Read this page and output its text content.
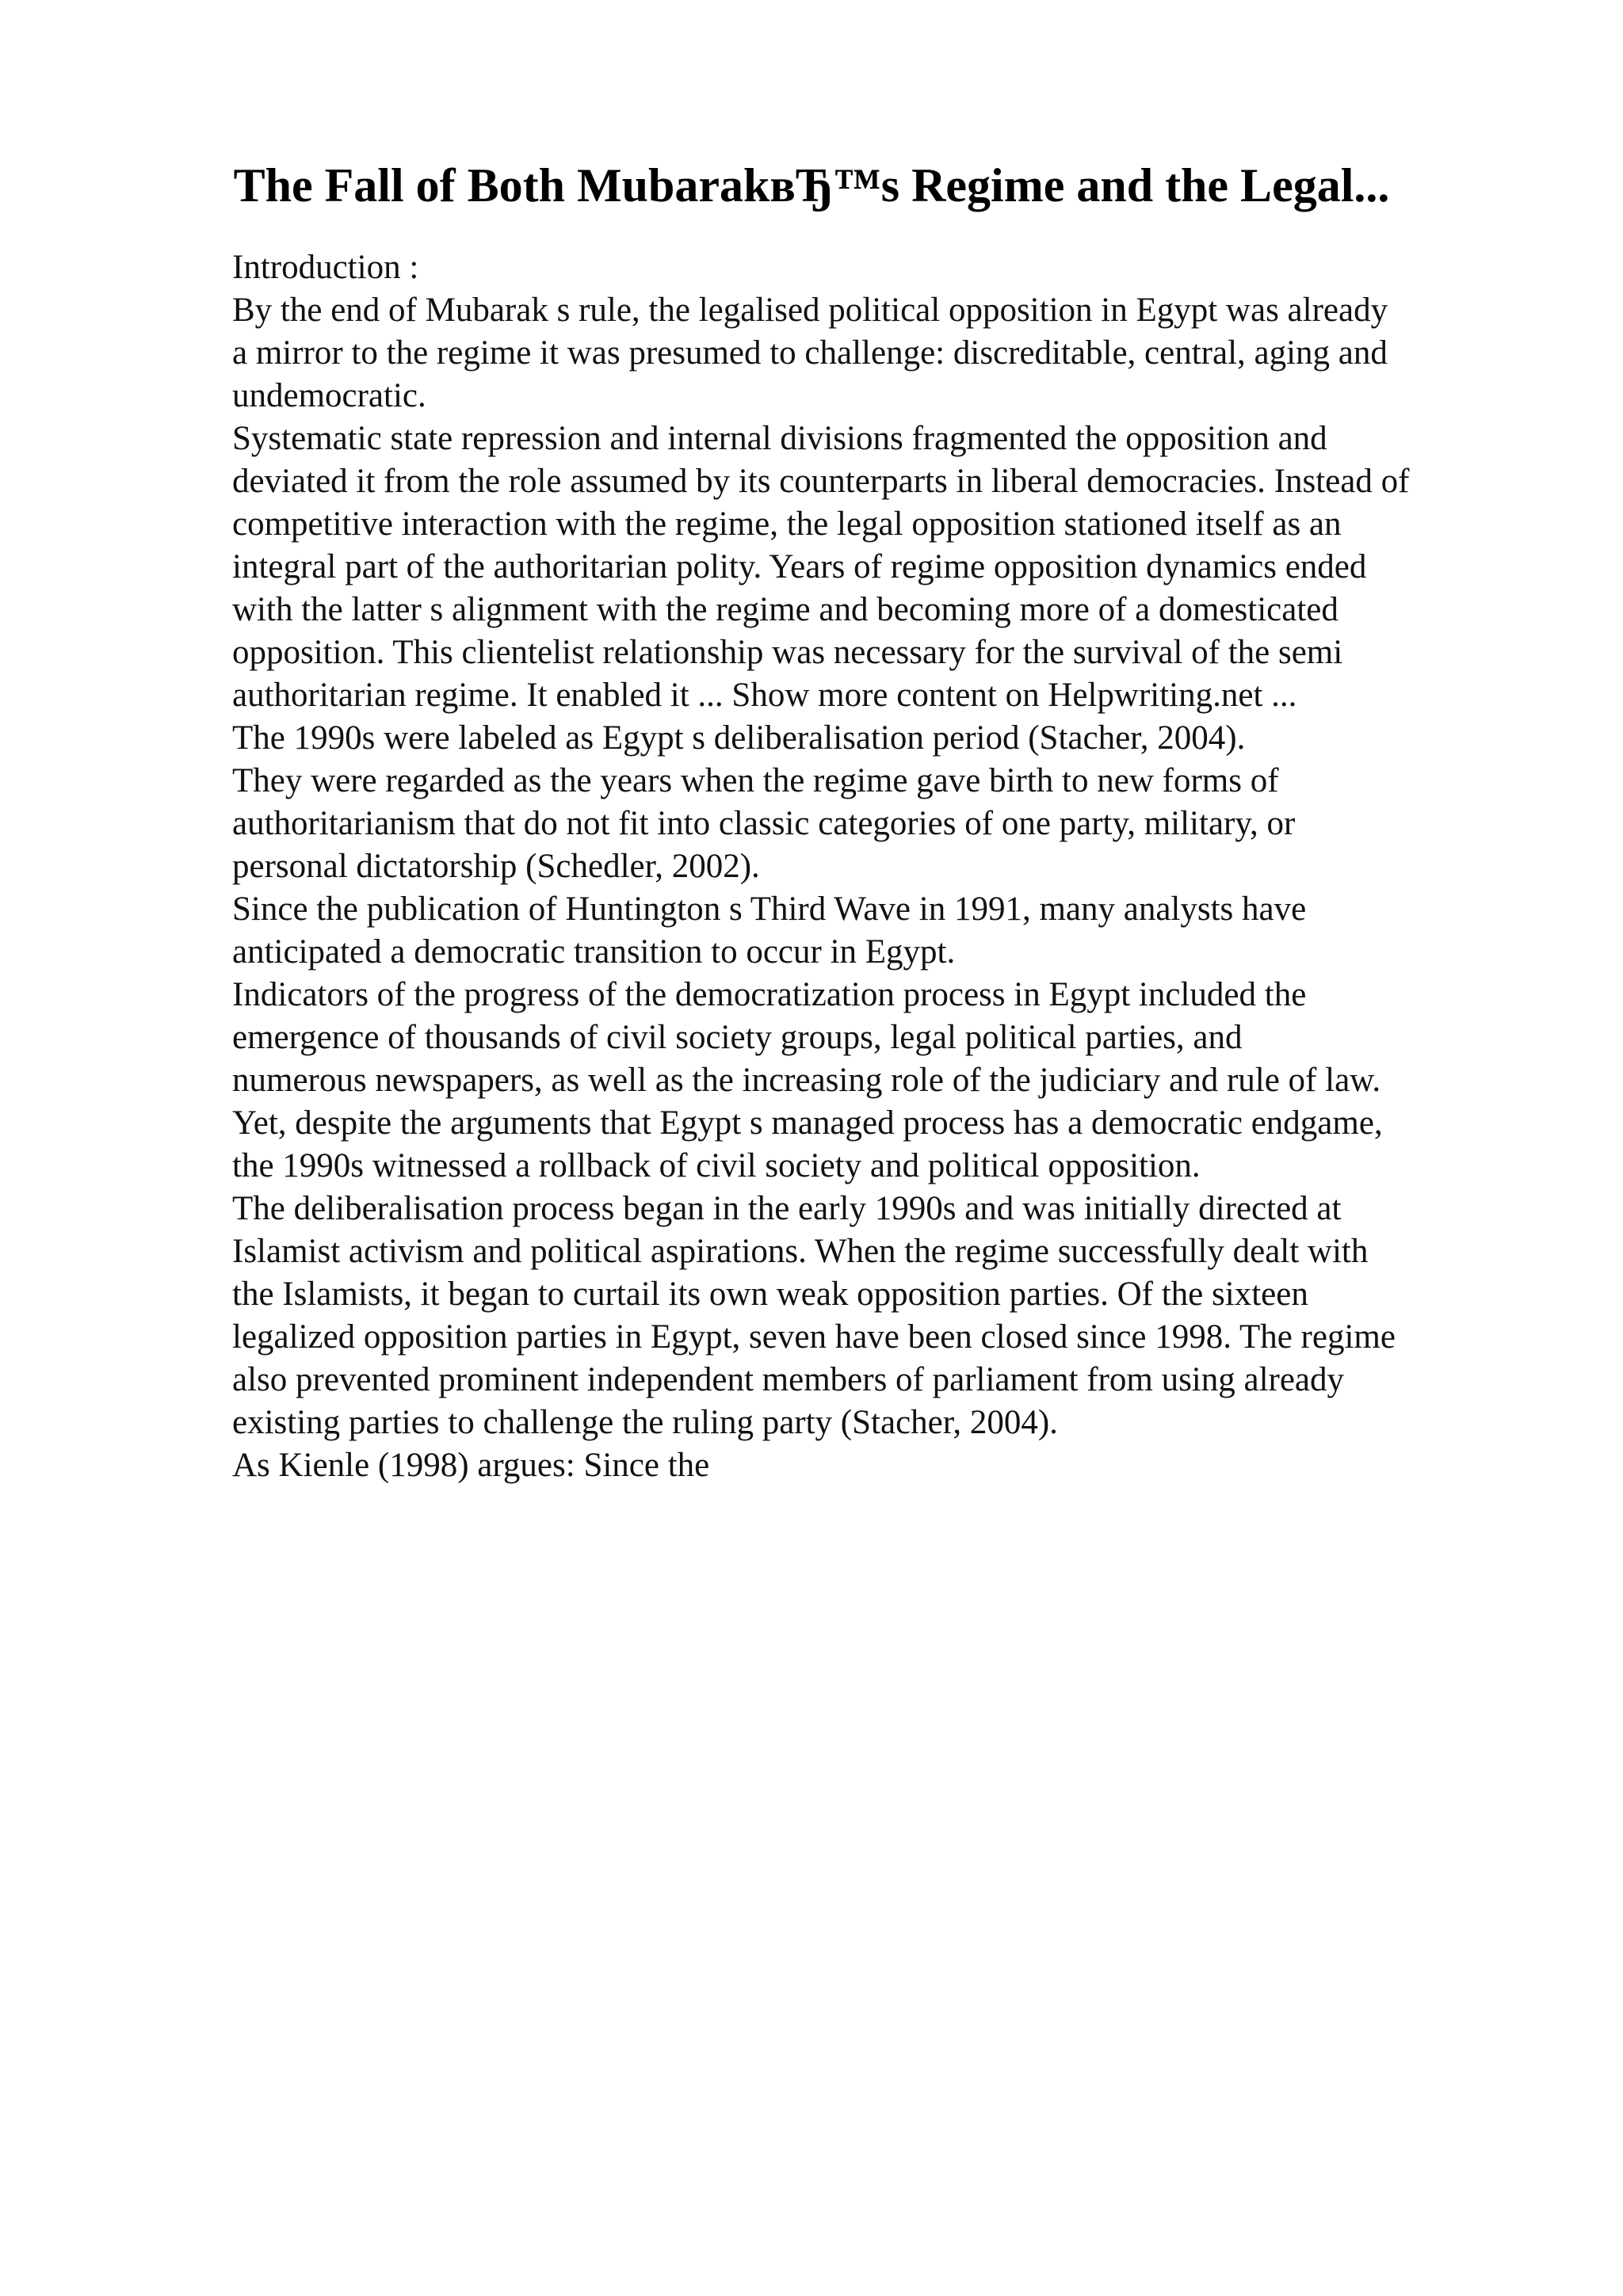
The Fall of Both MubarakвЂ™s Regime and the Legal...
Introduction :
By the end of Mubarak s rule, the legalised political opposition in Egypt was already
a mirror to the regime it was presumed to challenge: discreditable, central, aging and
undemocratic.
Systematic state repression and internal divisions fragmented the opposition and
deviated it from the role assumed by its counterparts in liberal democracies. Instead of
competitive interaction with the regime, the legal opposition stationed itself as an
integral part of the authoritarian polity. Years of regime opposition dynamics ended
with the latter s alignment with the regime and becoming more of a domesticated
opposition. This clientelist relationship was necessary for the survival of the semi
authoritarian regime. It enabled it ... Show more content on Helpwriting.net ...
The 1990s were labeled as Egypt s deliberalisation period (Stacher, 2004).
They were regarded as the years when the regime gave birth to new forms of
authoritarianism that do not fit into classic categories of one party, military, or
personal dictatorship (Schedler, 2002).
Since the publication of Huntington s Third Wave in 1991, many analysts have
anticipated a democratic transition to occur in Egypt.
Indicators of the progress of the democratization process in Egypt included the
emergence of thousands of civil society groups, legal political parties, and
numerous newspapers, as well as the increasing role of the judiciary and rule of law.
Yet, despite the arguments that Egypt s managed process has a democratic endgame,
the 1990s witnessed a rollback of civil society and political opposition.
The deliberalisation process began in the early 1990s and was initially directed at
Islamist activism and political aspirations. When the regime successfully dealt with
the Islamists, it began to curtail its own weak opposition parties. Of the sixteen
legalized opposition parties in Egypt, seven have been closed since 1998. The regime
also prevented prominent independent members of parliament from using already
existing parties to challenge the ruling party (Stacher, 2004).
As Kienle (1998) argues: Since the
